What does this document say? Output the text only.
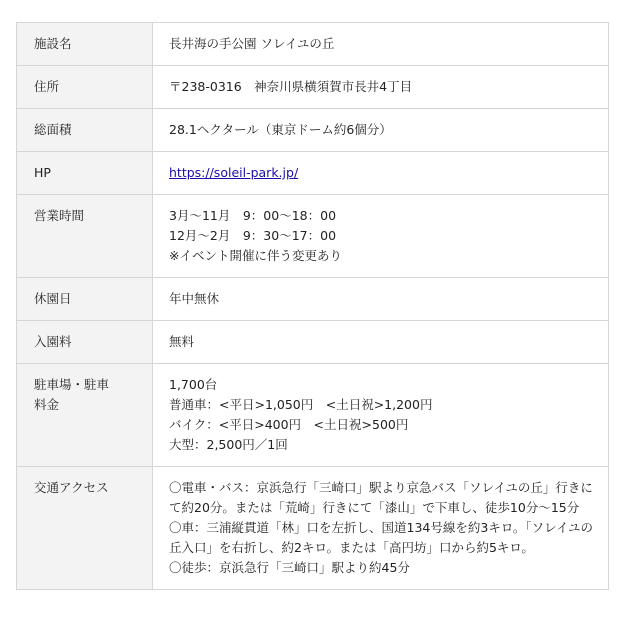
施設名	長井海の手公園 ソレイユの丘

住所	〒238-0316　神奈川県横須賀市長井4丁目

総面積	28.1ヘクタール（東京ドーム約6個分）

HP	https://soleil-park.jp/
営業時間	3月～11月　9：00～18：00
12月～2月　9：30～17：00
※イベント開催に伴う変更あり

休園日	年中無休

入園料	無料

駐車場・駐車
料金	1,700台
普通車：<平日>1,050円　<土日祝>1,200円
バイク：<平日>400円　<土日祝>500円
大型：2,500円／1回

交通アクセス	〇電車・バス：京浜急行「三崎口」駅より京急バス「ソレイユの丘」行きにて約20分。または「荒崎」行きにて「漆山」で下車し、徒歩10分～15分
〇車：三浦縦貫道「林」口を左折し、国道134号線を約3キロ。「ソレイユの丘入口」を右折し、約2キロ。または「高円坊」口から約5キロ。
〇徒歩：京浜急行「三崎口」駅より約45分
